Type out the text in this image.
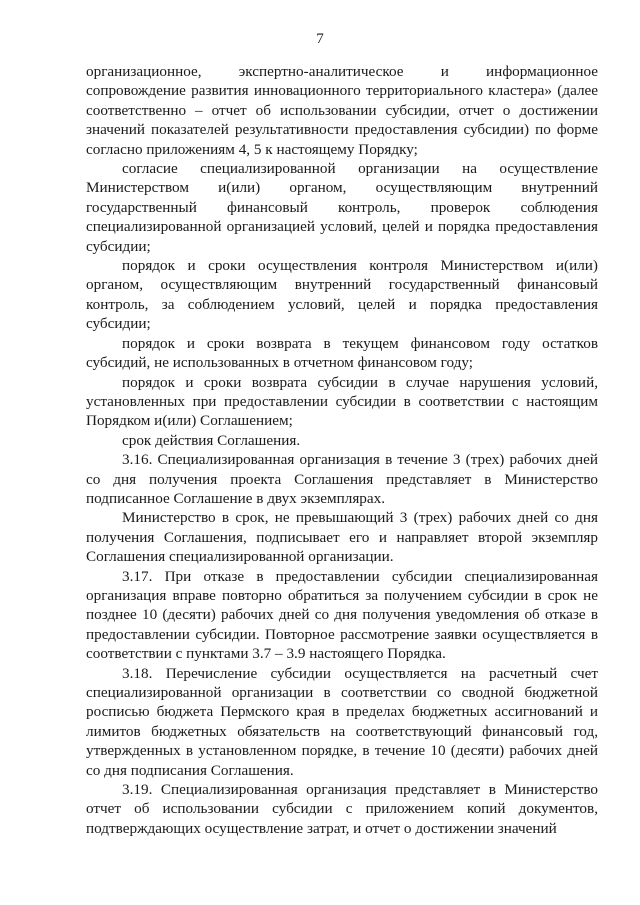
7

организационное, экспертно-аналитическое и информационное сопровождение развития инновационного территориального кластера» (далее соответственно – отчет об использовании субсидии, отчет о достижении значений показателей результативности предоставления субсидии) по форме согласно приложениям 4, 5 к настоящему Порядку;

согласие специализированной организации на осуществление Министерством и(или) органом, осуществляющим внутренний государственный финансовый контроль, проверок соблюдения специализированной организацией условий, целей и порядка предоставления субсидии;

порядок и сроки осуществления контроля Министерством и(или) органом, осуществляющим внутренний государственный финансовый контроль, за соблюдением условий, целей и порядка предоставления субсидии;

порядок и сроки возврата в текущем финансовом году остатков субсидий, не использованных в отчетном финансовом году;

порядок и сроки возврата субсидии в случае нарушения условий, установленных при предоставлении субсидии в соответствии с настоящим Порядком и(или) Соглашением;

срок действия Соглашения.

3.16. Специализированная организация в течение 3 (трех) рабочих дней со дня получения проекта Соглашения представляет в Министерство подписанное Соглашение в двух экземплярах.

Министерство в срок, не превышающий 3 (трех) рабочих дней со дня получения Соглашения, подписывает его и направляет второй экземпляр Соглашения специализированной организации.

3.17. При отказе в предоставлении субсидии специализированная организация вправе повторно обратиться за получением субсидии в срок не позднее 10 (десяти) рабочих дней со дня получения уведомления об отказе в предоставлении субсидии. Повторное рассмотрение заявки осуществляется в соответствии с пунктами 3.7 – 3.9 настоящего Порядка.

3.18. Перечисление субсидии осуществляется на расчетный счет специализированной организации в соответствии со сводной бюджетной росписью бюджета Пермского края в пределах бюджетных ассигнований и лимитов бюджетных обязательств на соответствующий финансовый год, утвержденных в установленном порядке, в течение 10 (десяти) рабочих дней со дня подписания Соглашения.

3.19. Специализированная организация представляет в Министерство отчет об использовании субсидии с приложением копий документов, подтверждающих осуществление затрат, и отчет о достижении значений
